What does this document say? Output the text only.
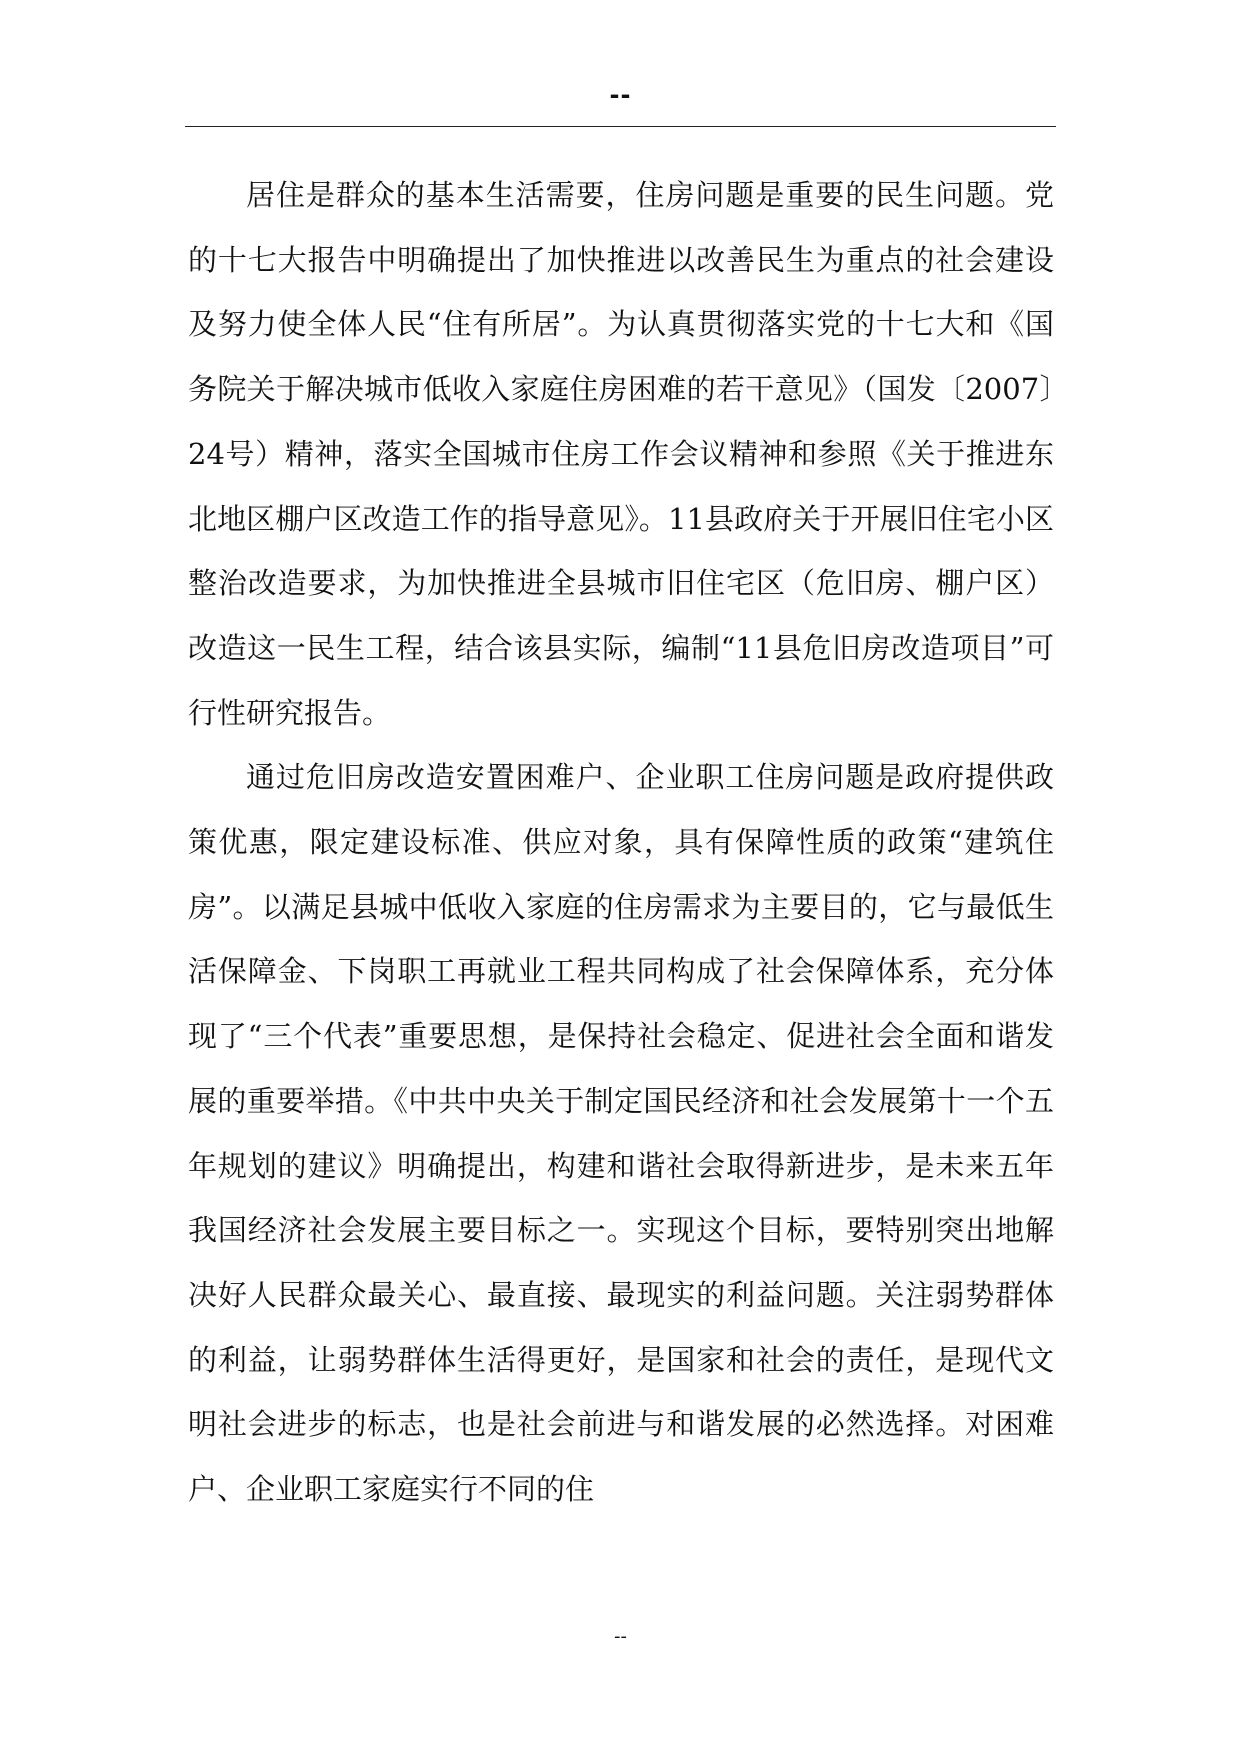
--

居住是群众的基本生活需要，住房问题是重要的民生问题。党的十七大报告中明确提出了加快推进以改善民生为重点的社会建设及努力使全体人民“住有所居”。为认真贯彻落实党的十七大和《国务院关于解决城市低收入家庭住房困难的若干意见》（国发〔2007〕24号）精神，落实全国城市住房工作会议精神和参照《关于推进东北地区棚户区改造工作的指导意见》。11县政府关于开展旧住宅小区整治改造要求，为加快推进全县城市旧住宅区（危旧房、棚户区）改造这一民生工程，结合该县实际，编制“11县危旧房改造项目”可行性研究报告。

通过危旧房改造安置困难户、企业职工住房问题是政府提供政策优惠，限定建设标准、供应对象，具有保障性质的政策“建筑住房”。以满足县城中低收入家庭的住房需求为主要目的，它与最低生活保障金、下岗职工再就业工程共同构成了社会保障体系，充分体现了“三个代表”重要思想，是保持社会稳定、促进社会全面和谐发展的重要举措。《中共中央关于制定国民经济和社会发展第十一个五年规划的建议》明确提出，构建和谐社会取得新进步，是未来五年我国经济社会发展主要目标之一。实现这个目标，要特别突出地解决好人民群众最关心、最直接、最现实的利益问题。关注弱势群体的利益，让弱势群体生活得更好，是国家和社会的责任，是现代文明社会进步的标志，也是社会前进与和谐发展的必然选择。对困难户、企业职工家庭实行不同的住

--
